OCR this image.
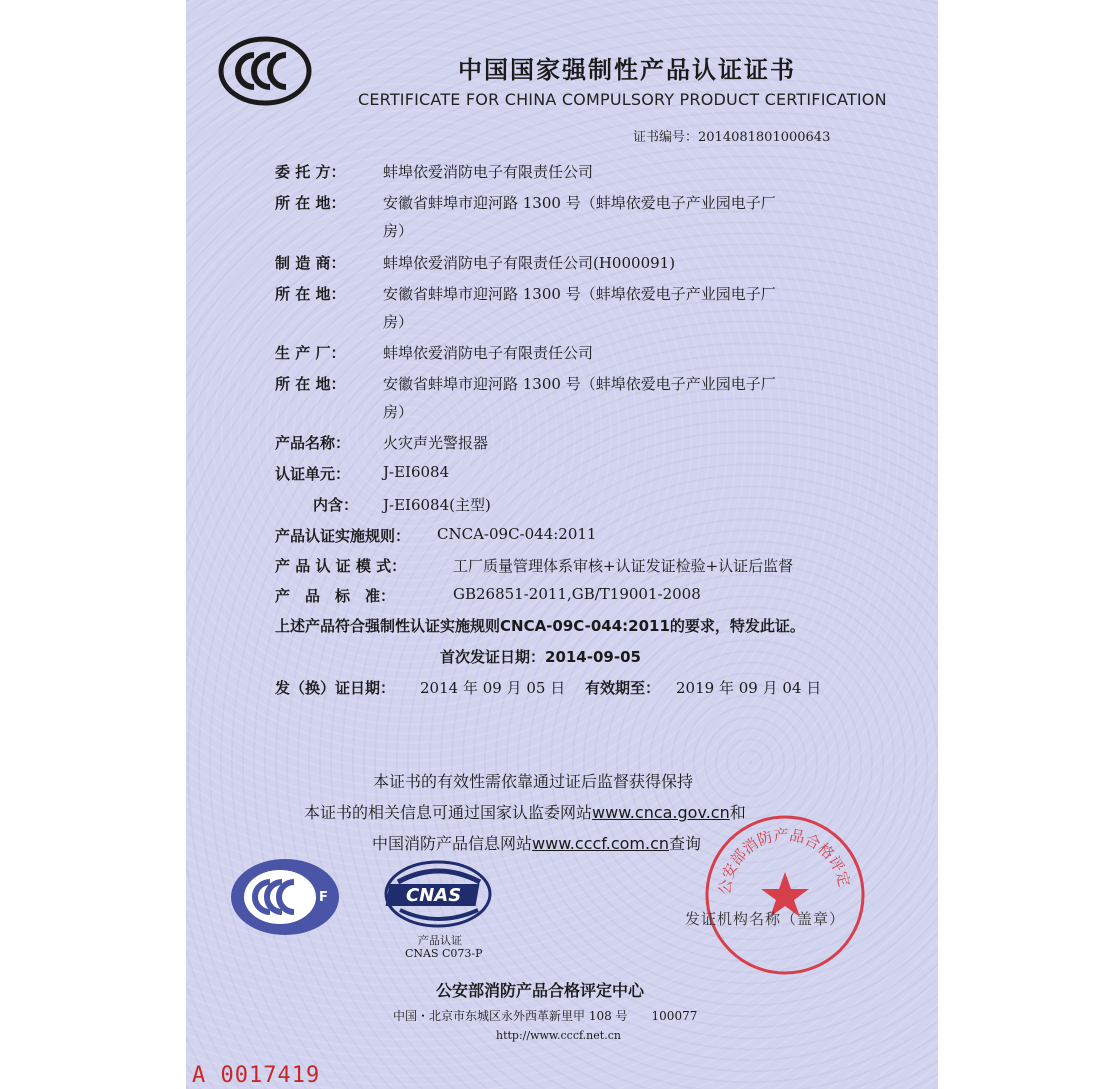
中国国家强制性产品认证证书
CERTIFICATE FOR CHINA COMPULSORY PRODUCT CERTIFICATION
证书编号：2014081801000643
委 托 方：	蚌埠依爱消防电子有限责任公司
所 在 地：	安徽省蚌埠市迎河路 1300 号（蚌埠依爱电子产业园电子厂
房）
制 造 商：	蚌埠依爱消防电子有限责任公司(H000091)
所 在 地：	安徽省蚌埠市迎河路 1300 号（蚌埠依爱电子产业园电子厂
房）
生 产 厂：	蚌埠依爱消防电子有限责任公司
所 在 地：	安徽省蚌埠市迎河路 1300 号（蚌埠依爱电子产业园电子厂
房）
产品名称： 火灾声光警报器
认证单元： J-EI6084
内含： J-EI6084(主型)
产品认证实施规则： CNCA-09C-044:2011
产 品 认 证 模 式：	工厂质量管理体系审核+认证发证检验+认证后监督
产　品　标　准：	GB26851-2011,GB/T19001-2008
上述产品符合强制性认证实施规则CNCA-09C-044:2011的要求，特发此证。
首次发证日期：2014-09-05
发（换）证日期： 2014 年 09 月 05 日 有效期至： 2019 年 09 月 04 日
本证书的有效性需依靠通过证后监督获得保持
本证书的相关信息可通过国家认监委网站www.cnca.gov.cn和
中国消防产品信息网站www.cccf.com.cn查询
F	CNAS
产品认证
CNAS C073-P
公安部消防产品合格评定
发证机构名称（盖章）
公安部消防产品合格评定中心
中国・北京市东城区永外西革新里甲 108 号　　100077
http://www.cccf.net.cn
A 0017419
